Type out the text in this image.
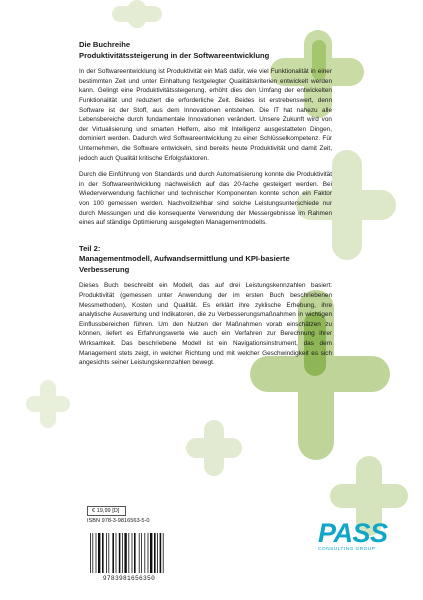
Die Buchreihe
Produktivitätssteigerung in der Softwareentwicklung

In der Softwareentwicklung ist Produktivität ein Maß dafür, wie viel Funktionalität in einer bestimmten Zeit und unter Einhaltung festgelegter Qualitätskriterien entwickelt werden kann. Gelingt eine Produktivitätssteigerung, erhöht dies den Umfang der entwickelten Funktionalität und reduziert die erforderliche Zeit. Beides ist erstrebenswert, denn Software ist der Stoff, aus dem Innovationen entstehen. Die IT hat nahezu alle Lebensbereiche durch fundamentale Innovationen verändert. Unsere Zukunft wird von der Virtualisierung und smarten Helfern, also mit Intelligenz ausgestatteten Dingen, dominiert werden. Dadurch wird Softwareentwicklung zu einer Schlüsselkompetenz. Für Unternehmen, die Software entwickeln, sind bereits heute Produktivität und damit Zeit, jedoch auch Qualität kritische Erfolgsfaktoren.

Durch die Einführung von Standards und durch Automatisierung konnte die Produktivität in der Softwareentwicklung nachweislich auf das 20-fache gesteigert werden. Bei Wiederverwendung fachlicher und technischer Komponenten konnte schon ein Faktor von 100 gemessen werden. Nachvollziehbar sind solche Leistungsunterschiede nur durch Messungen und die konsequente Verwendung der Messergebnisse im Rahmen eines auf ständige Optimierung ausgelegten Managementmodells.

Teil 2:
Managementmodell, Aufwandsermittlung und KPI-basierte Verbesserung

Dieses Buch beschreibt ein Modell, das auf drei Leistungskennzahlen basiert: Produktivität (gemessen unter Anwendung der im ersten Buch beschriebenen Messmethoden), Kosten und Qualität. Es erklärt ihre zyklische Erhebung, ihre analytische Auswertung und Indikatoren, die zu Verbesserungsmaßnahmen in wichtigen Einflussbereichen führen. Um den Nutzen der Maßnahmen vorab einschätzen zu können, liefert es Erfahrungswerte wie auch ein Verfahren zur Berechnung ihrer Wirksamkeit. Das beschriebene Modell ist ein Navigationsinstrument, das dem Management stets zeigt, in welcher Richtung und mit welcher Geschwindigkeit es sich angesichts seiner Leistungskennzahlen bewegt.

€ 19,99 [D]
ISBN 978-3-9816563-5-0
9783981656350
PASS
CONSULTING GROUP
